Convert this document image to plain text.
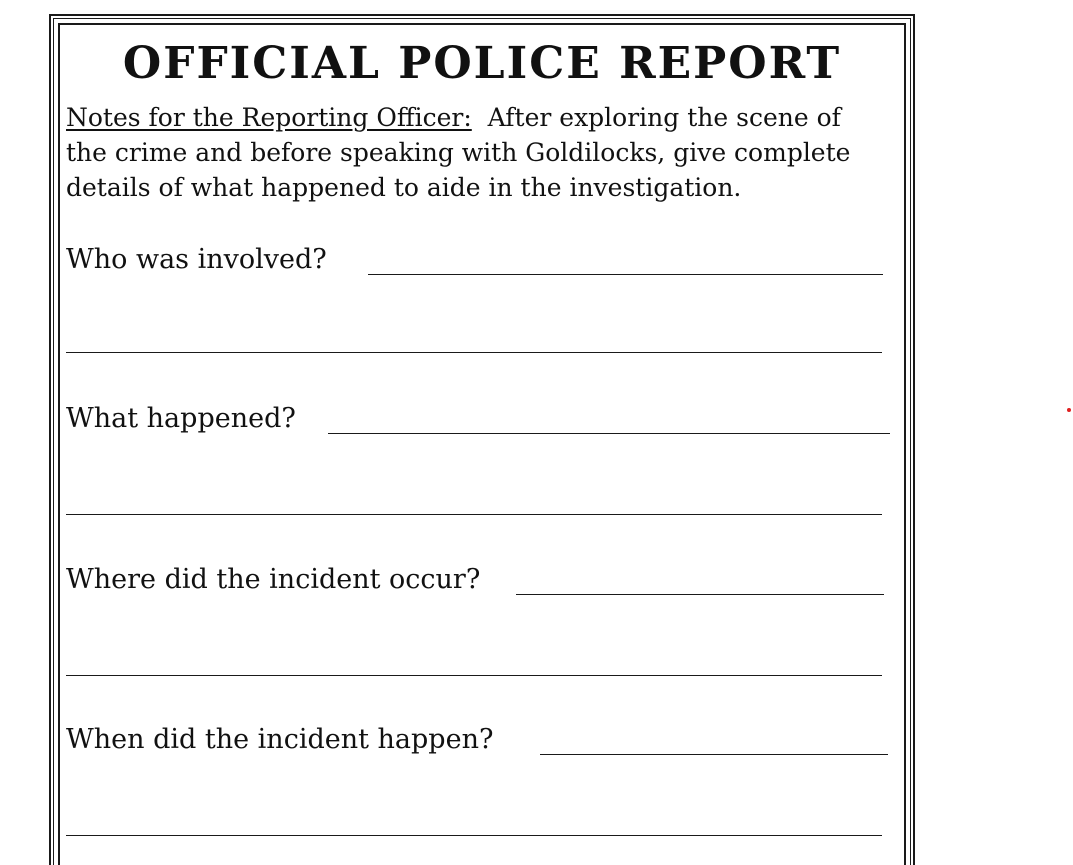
OFFICIAL POLICE REPORT
Notes for the Reporting Officer:  After exploring the scene of
the crime and before speaking with Goldilocks, give complete
details of what happened to aide in the investigation.
Who was involved?
What happened?
Where did the incident occur?
When did the incident happen?
